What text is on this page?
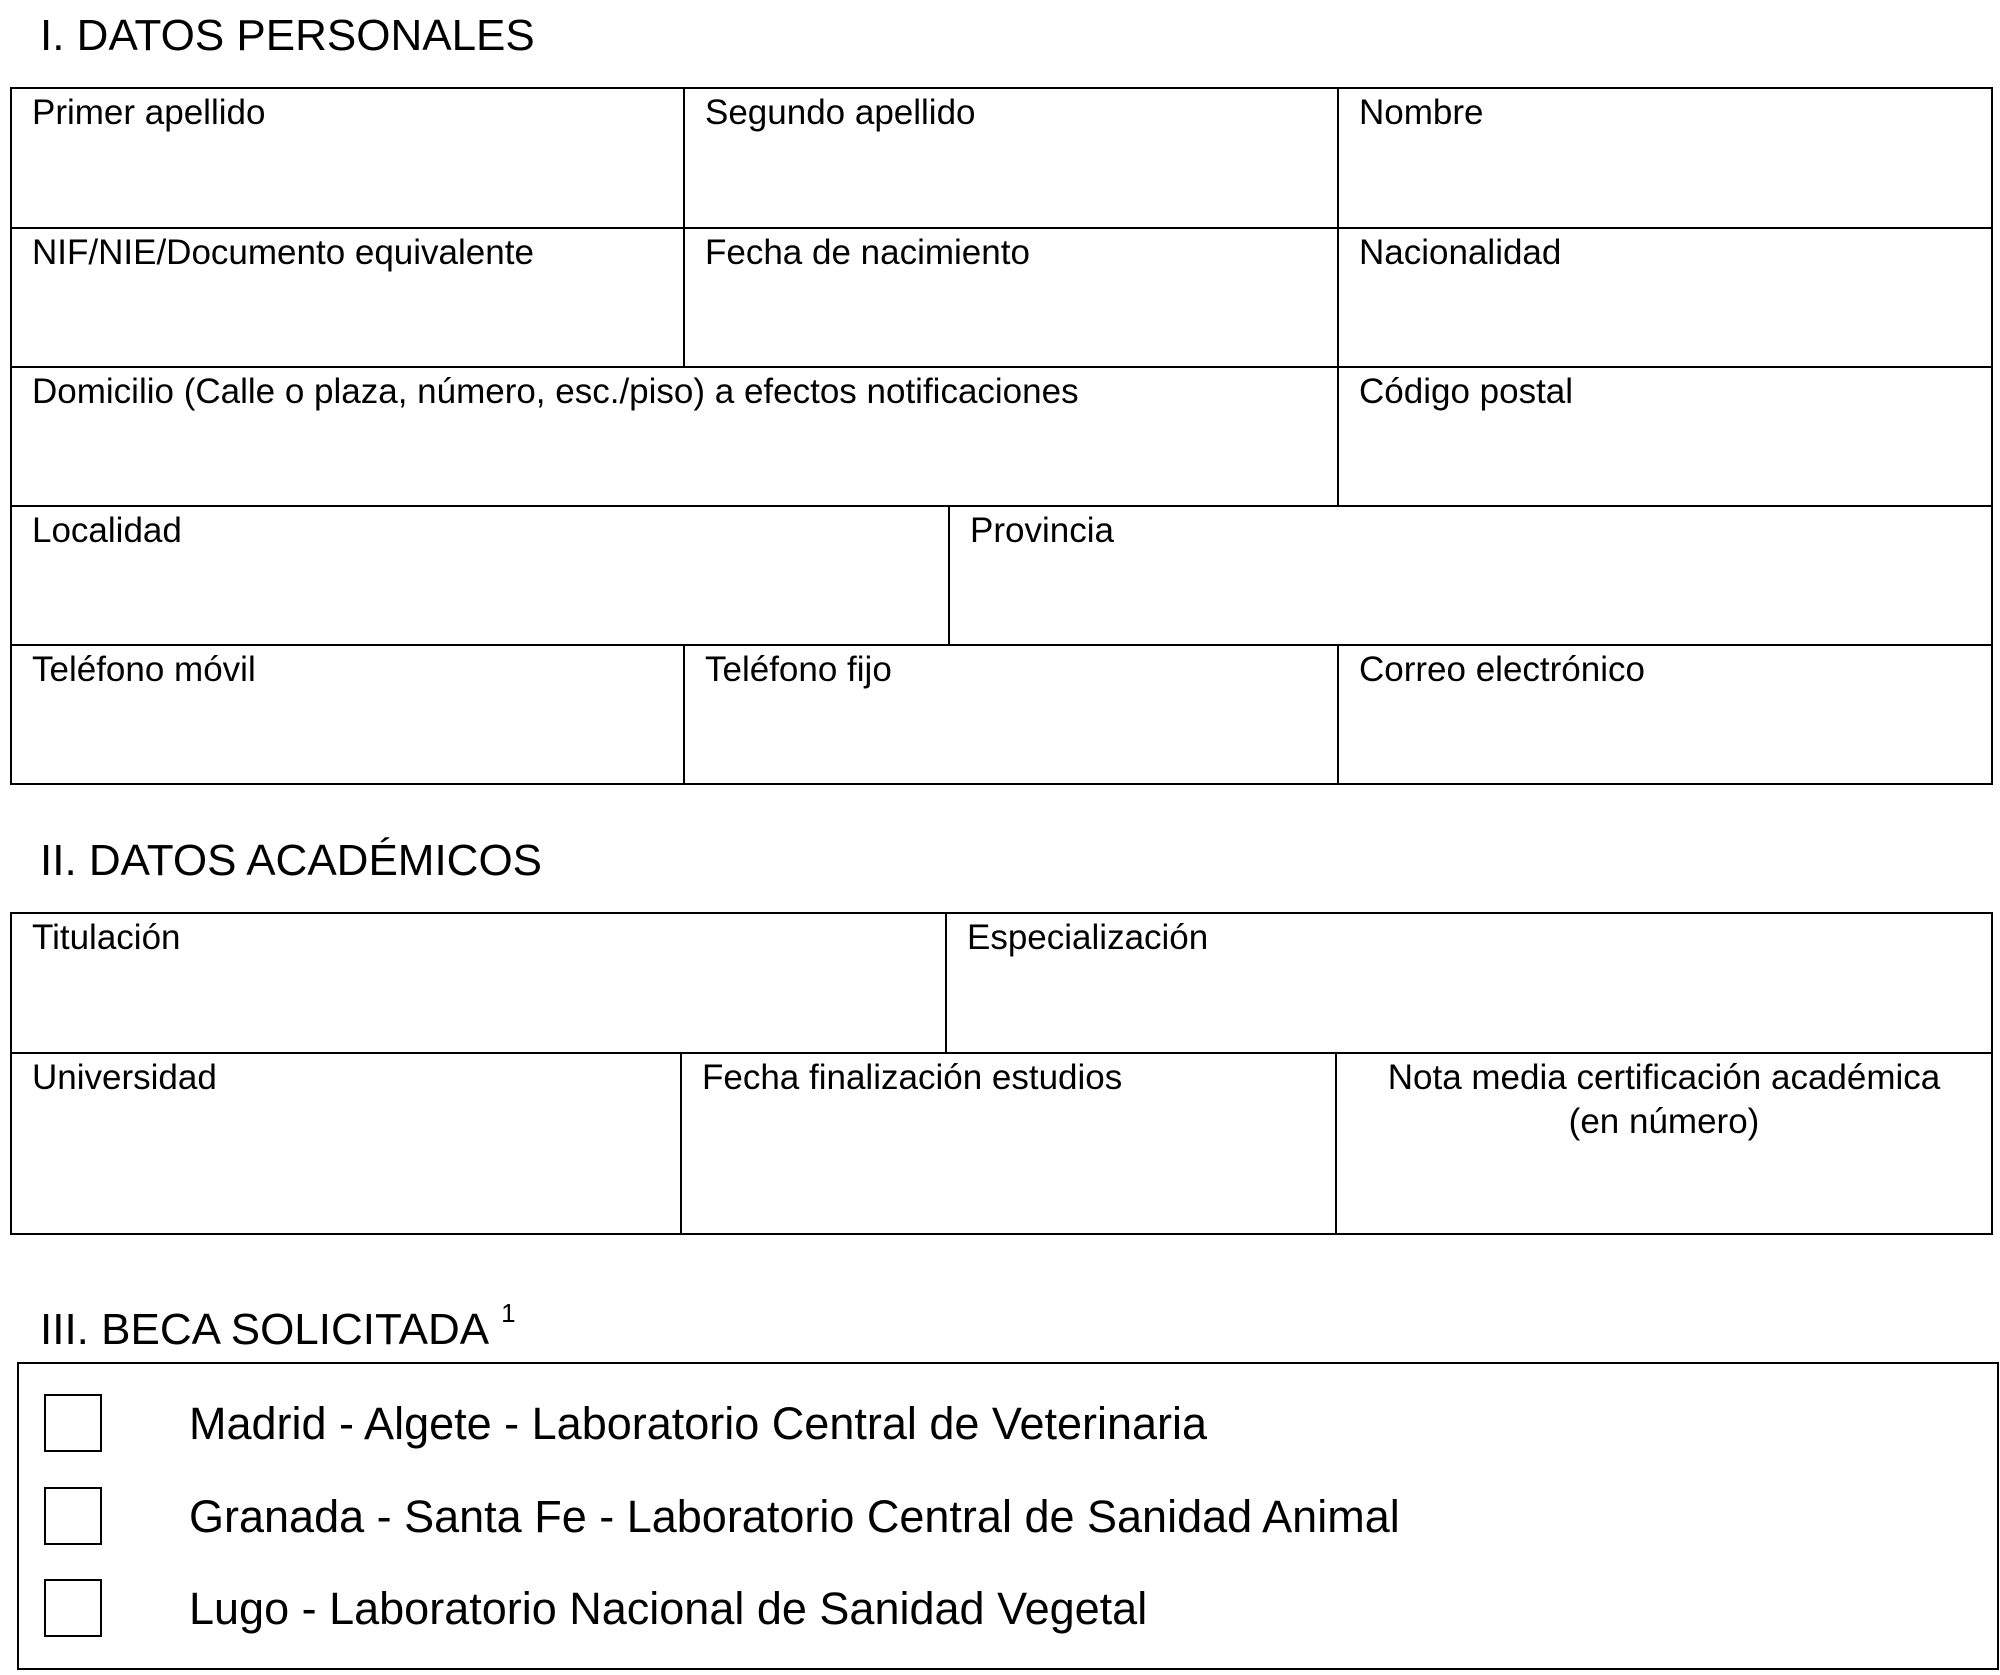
I. DATOS PERSONALES
Primer apellido	Segundo apellido	Nombre
NIF/NIE/Documento equivalente	Fecha de nacimiento	Nacionalidad
Domicilio (Calle o plaza, número, esc./piso) a efectos notificaciones	Código postal
Localidad	Provincia
Teléfono móvil	Teléfono fijo	Correo electrónico
II. DATOS ACADÉMICOS
Titulación	Especialización
Universidad	Fecha finalización estudios	Nota media certificación académica
(en número)
III. BECA SOLICITADA $^1$
Madrid - Algete - Laboratorio Central de Veterinaria
Granada - Santa Fe - Laboratorio Central de Sanidad Animal
Lugo - Laboratorio Nacional de Sanidad Vegetal
